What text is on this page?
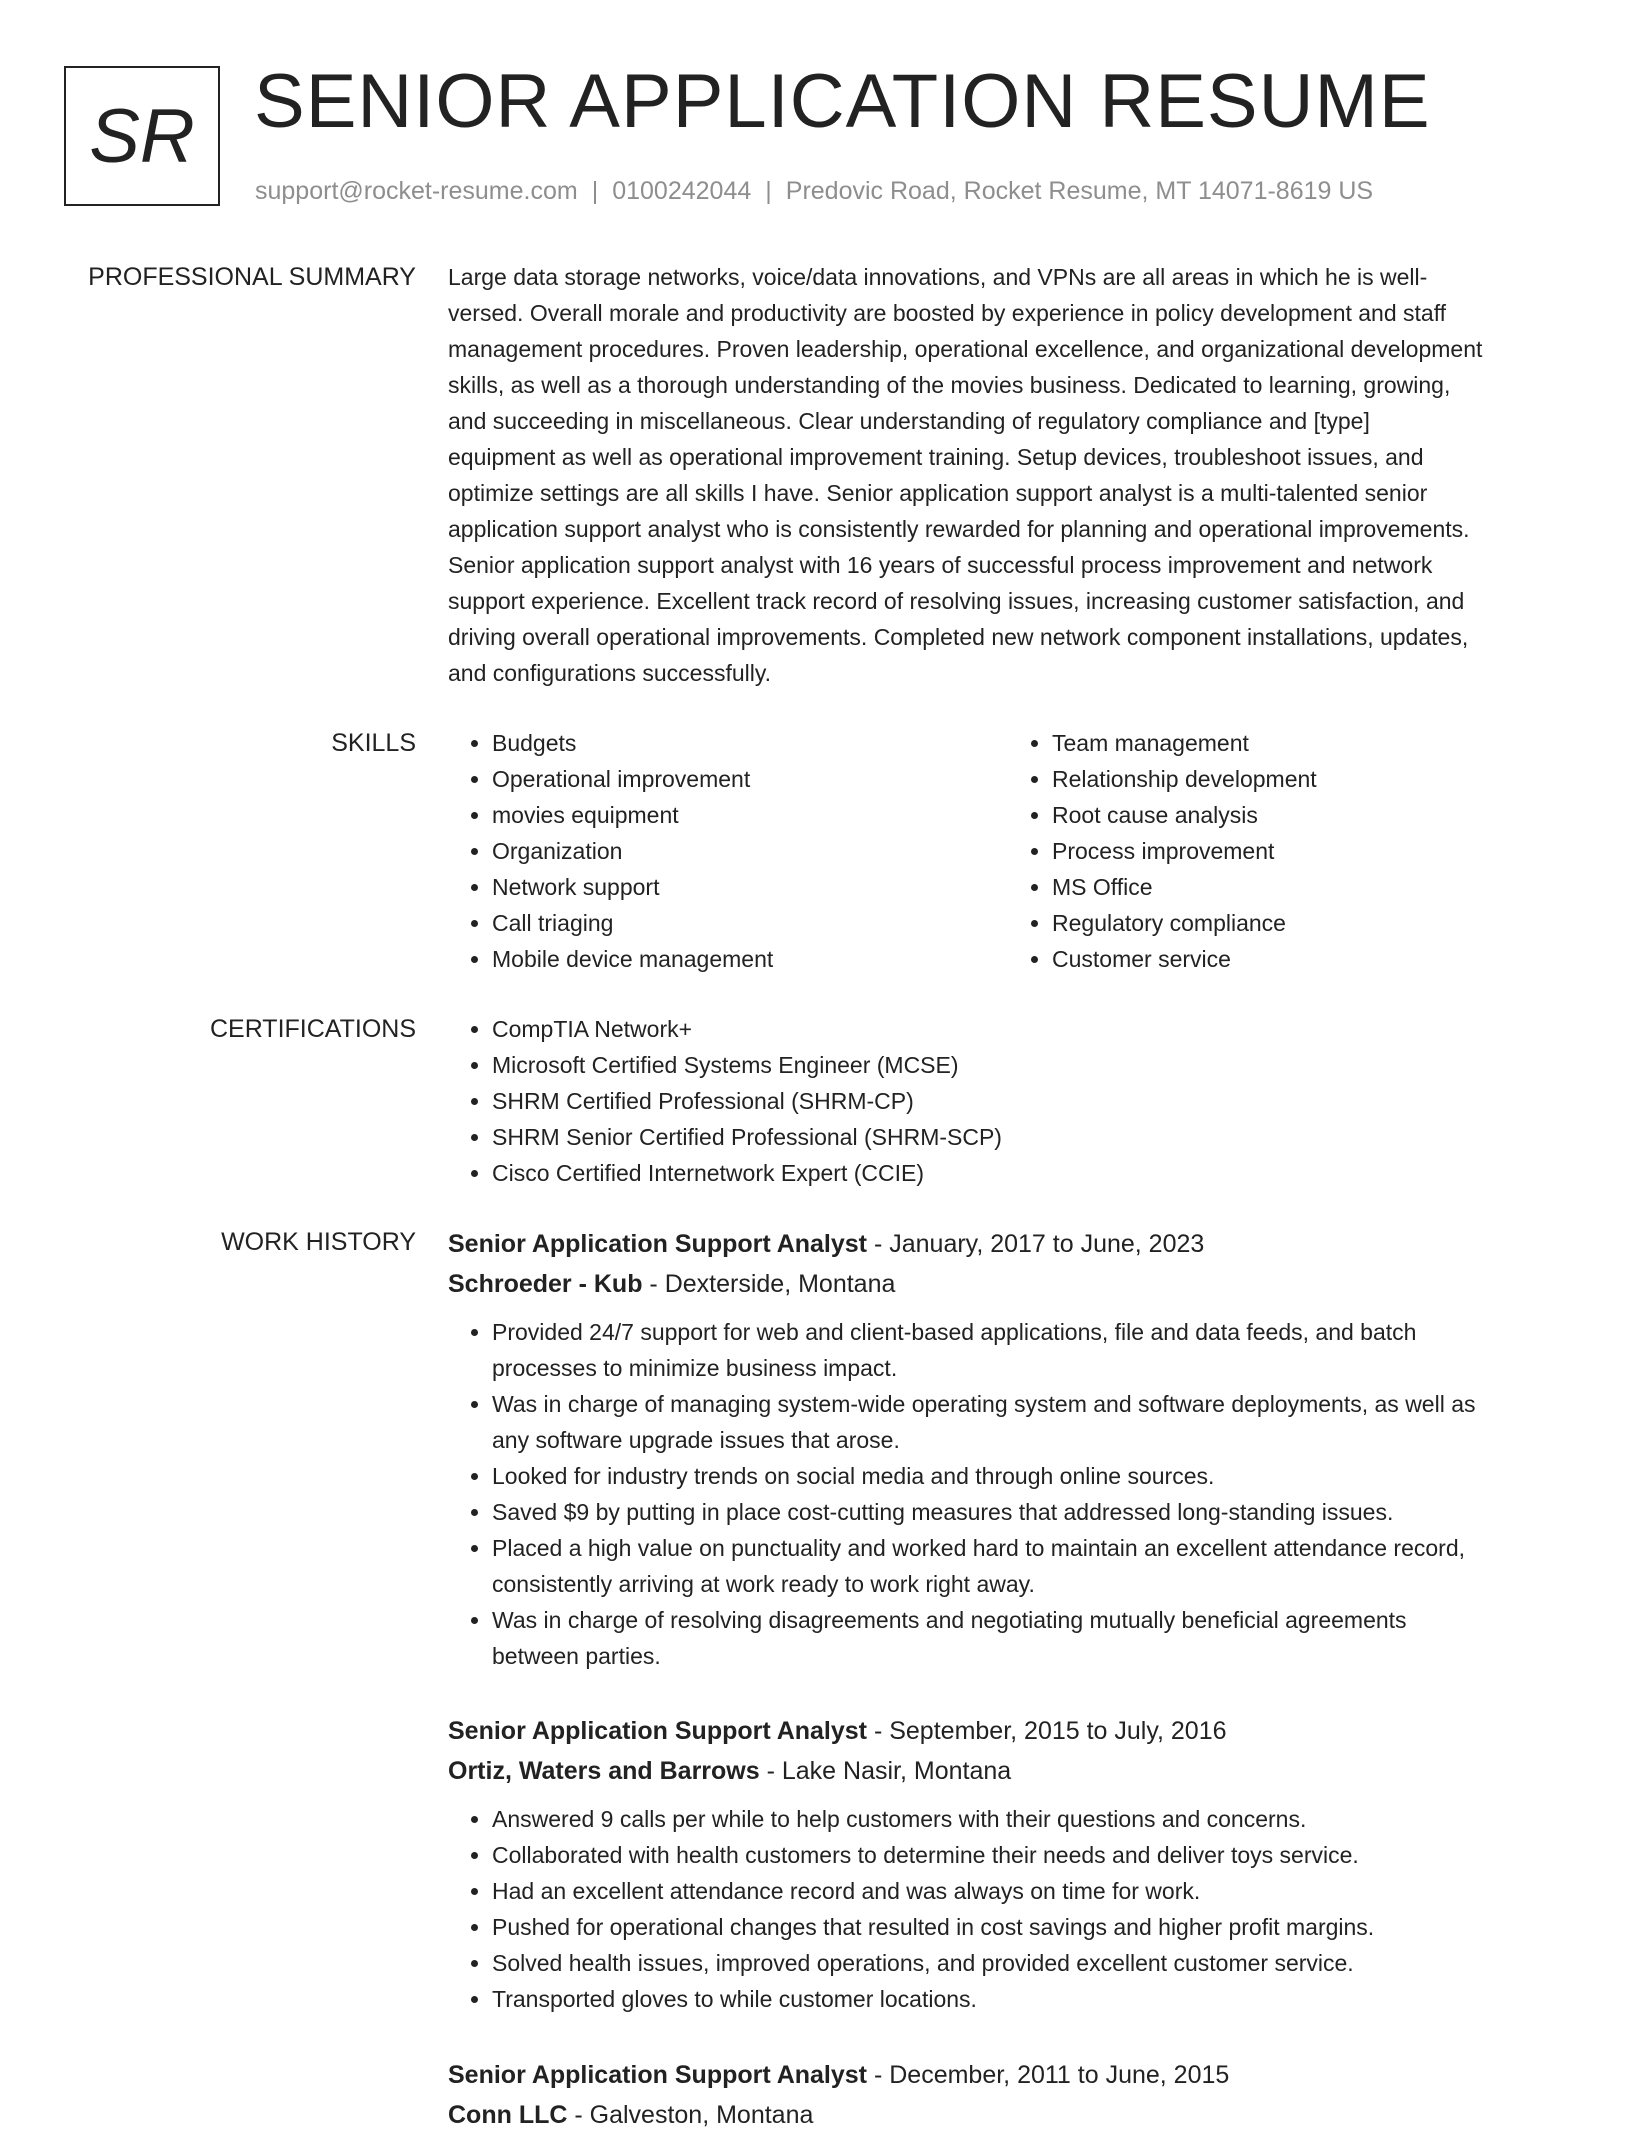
SR SENIOR APPLICATION RESUME
support@rocket-resume.com | 0100242044 | Predovic Road, Rocket Resume, MT 14071-8619 US
PROFESSIONAL SUMMARY Large data storage networks, voice/data innovations, and VPNs are all areas in which he is well-
versed. Overall morale and productivity are boosted by experience in policy development and staff
management procedures. Proven leadership, operational excellence, and organizational development
skills, as well as a thorough understanding of the movies business. Dedicated to learning, growing,
and succeeding in miscellaneous. Clear understanding of regulatory compliance and [type]
equipment as well as operational improvement training. Setup devices, troubleshoot issues, and
optimize settings are all skills I have. Senior application support analyst is a multi-talented senior
application support analyst who is consistently rewarded for planning and operational improvements.
Senior application support analyst with 16 years of successful process improvement and network
support experience. Excellent track record of resolving issues, increasing customer satisfaction, and
driving overall operational improvements. Completed new network component installations, updates,
and configurations successfully.

SKILLS	• Budgets
• Operational improvement
• movies equipment
• Organization
• Network support
• Call triaging
• Mobile device management
• Team management
• Relationship development
• Root cause analysis
• Process improvement
• MS Office
• Regulatory compliance
• Customer service
CERTIFICATIONS	• CompTIA Network+
• Microsoft Certified Systems Engineer (MCSE)
• SHRM Certified Professional (SHRM-CP)
• SHRM Senior Certified Professional (SHRM-SCP)
• Cisco Certified Internetwork Expert (CCIE)
WORK HISTORY Senior Application Support Analyst - January, 2017 to June, 2023
Schroeder - Kub - Dexterside, Montana
• Provided 24/7 support for web and client-based applications, file and data feeds, and batch
processes to minimize business impact.
• Was in charge of managing system-wide operating system and software deployments, as well as
any software upgrade issues that arose.
• Looked for industry trends on social media and through online sources.
• Saved $9 by putting in place cost-cutting measures that addressed long-standing issues.
• Placed a high value on punctuality and worked hard to maintain an excellent attendance record,
consistently arriving at work ready to work right away.
• Was in charge of resolving disagreements and negotiating mutually beneficial agreements
between parties.
Senior Application Support Analyst - September, 2015 to July, 2016
Ortiz, Waters and Barrows - Lake Nasir, Montana
• Answered 9 calls per while to help customers with their questions and concerns.
• Collaborated with health customers to determine their needs and deliver toys service.
• Had an excellent attendance record and was always on time for work.
• Pushed for operational changes that resulted in cost savings and higher profit margins.
• Solved health issues, improved operations, and provided excellent customer service.
• Transported gloves to while customer locations.
Senior Application Support Analyst - December, 2011 to June, 2015
Conn LLC - Galveston, Montana
